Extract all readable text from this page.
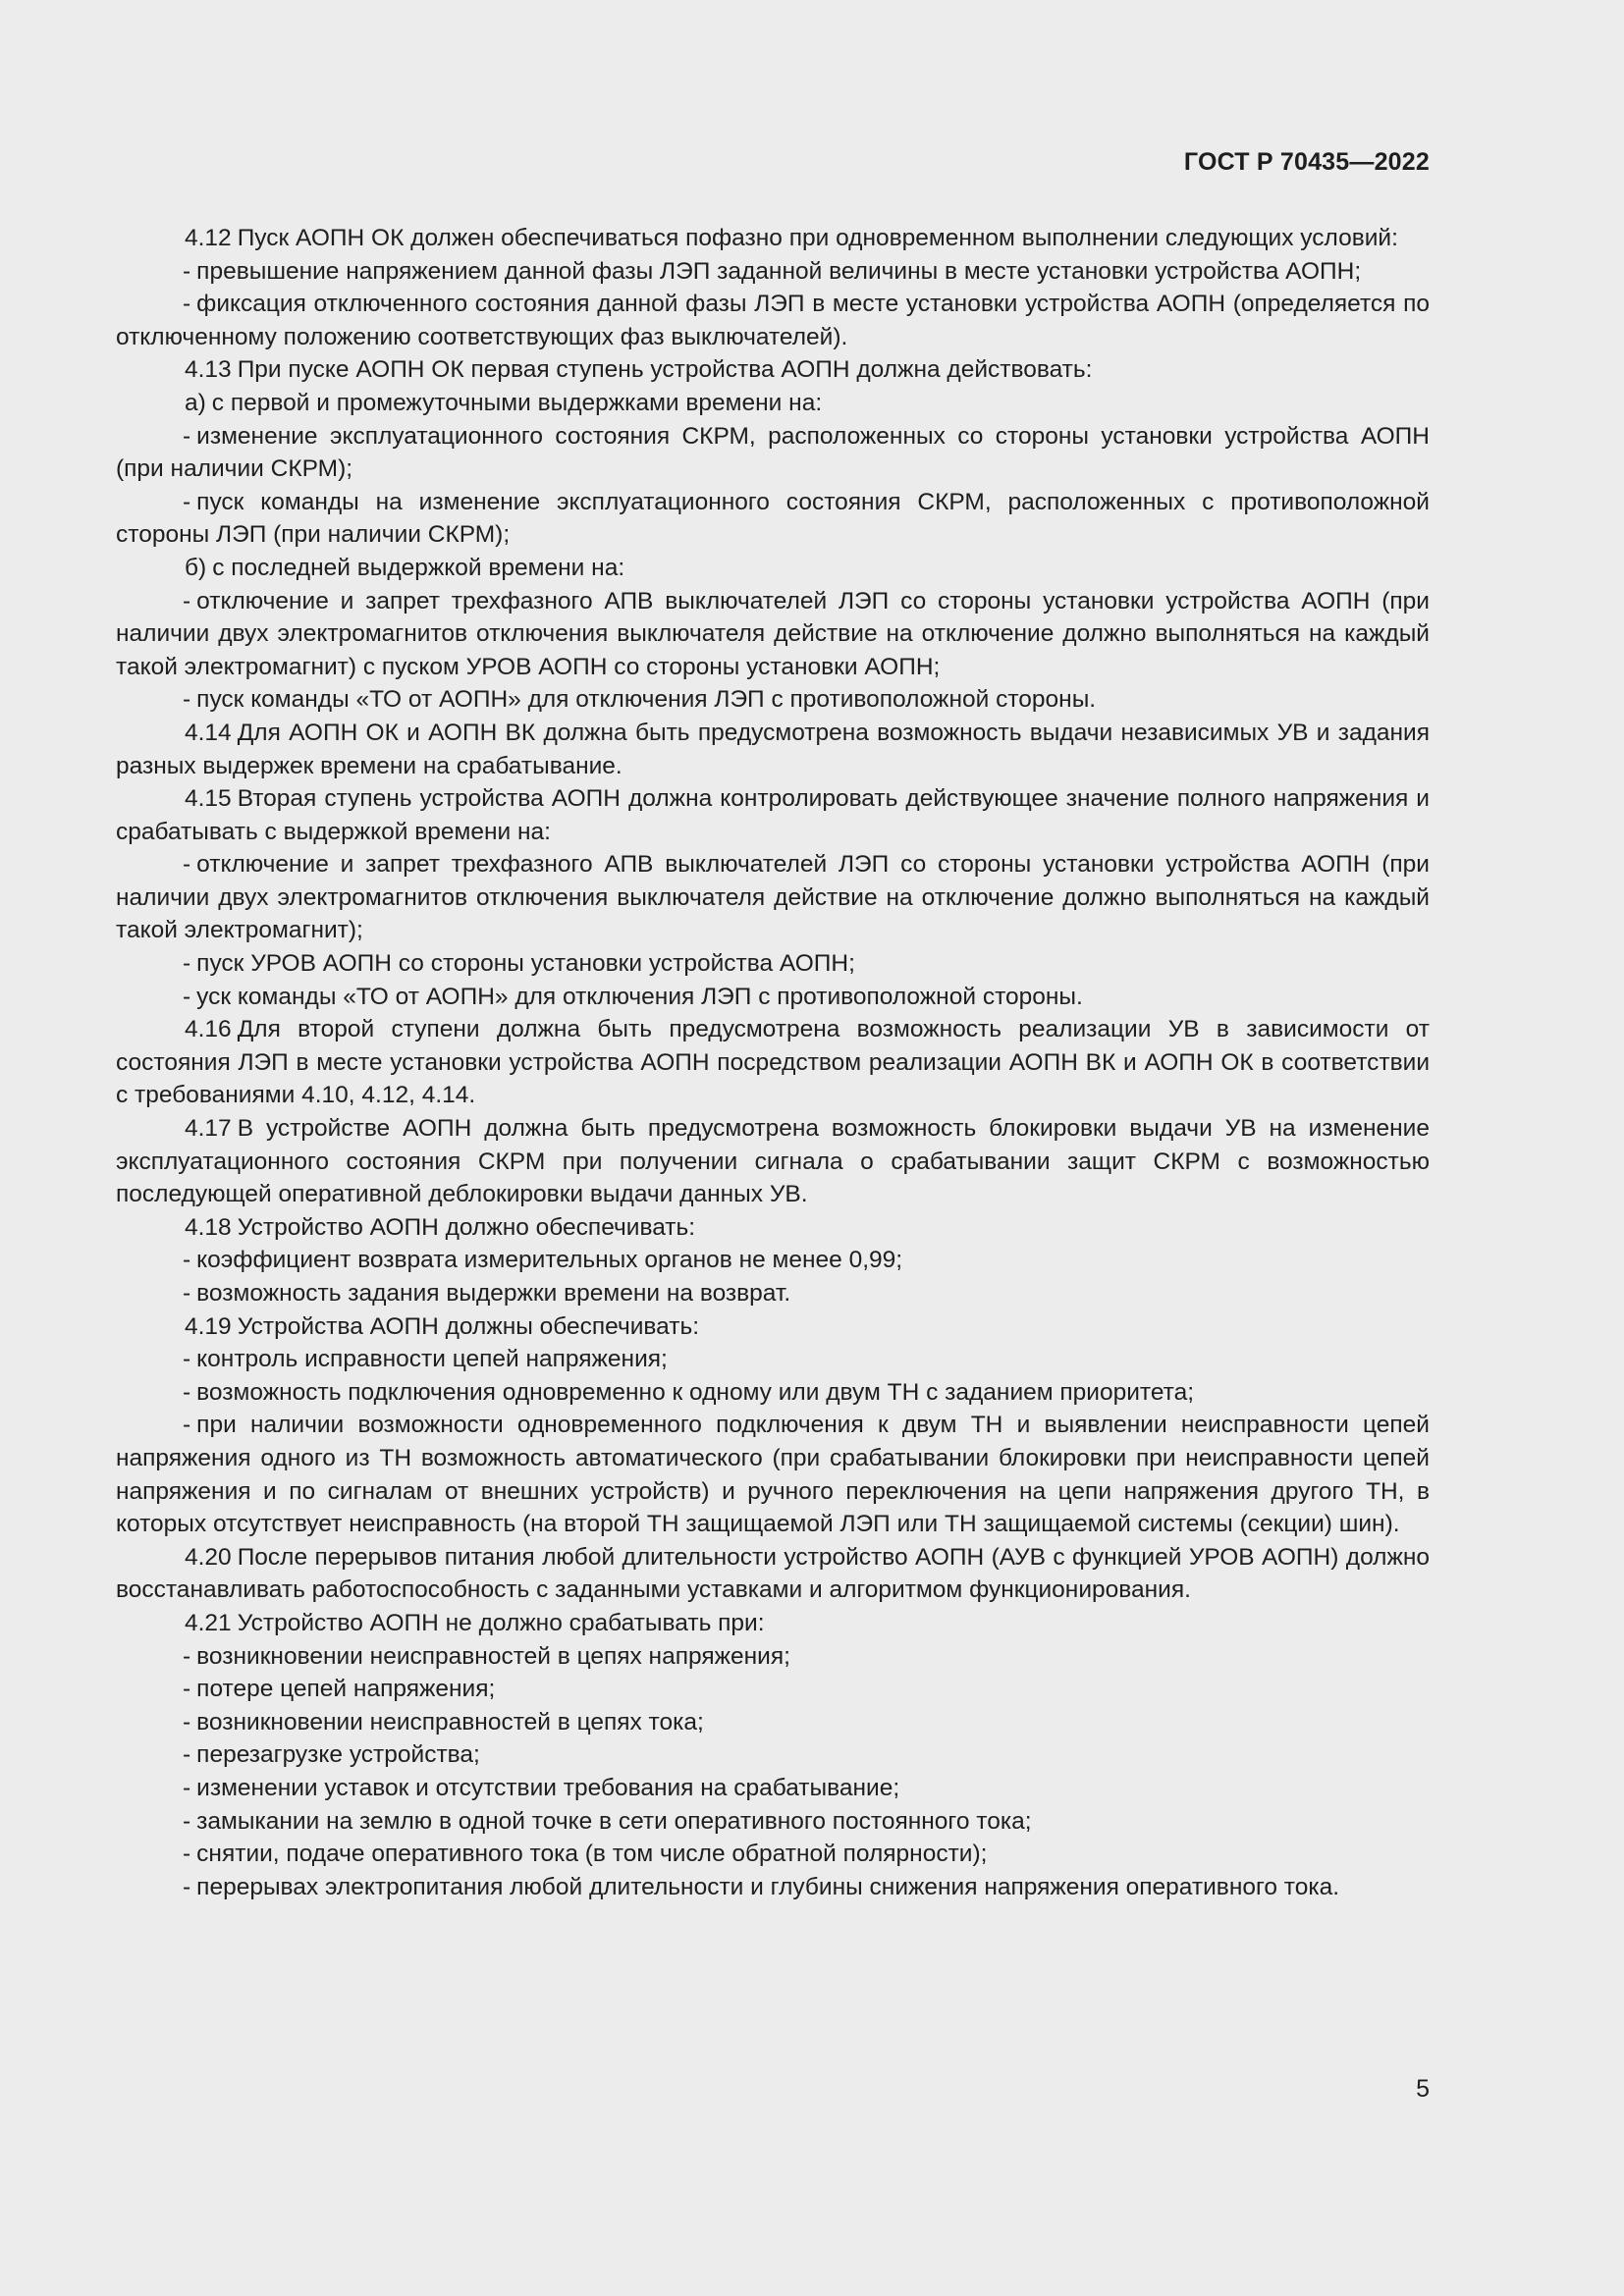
ГОСТ Р 70435—2022

4.12 Пуск АОПН ОК должен обеспечиваться пофазно при одновременном выполнении следующих условий:

- превышение напряжением данной фазы ЛЭП заданной величины в месте установки устройства АОПН;

- фиксация отключенного состояния данной фазы ЛЭП в месте установки устройства АОПН (определяется по отключенному положению соответствующих фаз выключателей).

4.13 При пуске АОПН ОК первая ступень устройства АОПН должна действовать:

а) с первой и промежуточными выдержками времени на:

- изменение эксплуатационного состояния СКРМ, расположенных со стороны установки устройства АОПН (при наличии СКРМ);

- пуск команды на изменение эксплуатационного состояния СКРМ, расположенных с противоположной стороны ЛЭП (при наличии СКРМ);

б) с последней выдержкой времени на:

- отключение и запрет трехфазного АПВ выключателей ЛЭП со стороны установки устройства АОПН (при наличии двух электромагнитов отключения выключателя действие на отключение должно выполняться на каждый такой электромагнит) с пуском УРОВ АОПН со стороны установки АОПН;

- пуск команды «ТО от АОПН» для отключения ЛЭП с противоположной стороны.

4.14 Для АОПН ОК и АОПН ВК должна быть предусмотрена возможность выдачи независимых УВ и задания разных выдержек времени на срабатывание.

4.15 Вторая ступень устройства АОПН должна контролировать действующее значение полного напряжения и срабатывать с выдержкой времени на:

- отключение и запрет трехфазного АПВ выключателей ЛЭП со стороны установки устройства АОПН (при наличии двух электромагнитов отключения выключателя действие на отключение должно выполняться на каждый такой электромагнит);

- пуск УРОВ АОПН со стороны установки устройства АОПН;

- уск команды «ТО от АОПН» для отключения ЛЭП с противоположной стороны.

4.16 Для второй ступени должна быть предусмотрена возможность реализации УВ в зависимости от состояния ЛЭП в месте установки устройства АОПН посредством реализации АОПН ВК и АОПН ОК в соответствии с требованиями 4.10, 4.12, 4.14.

4.17 В устройстве АОПН должна быть предусмотрена возможность блокировки выдачи УВ на изменение эксплуатационного состояния СКРМ при получении сигнала о срабатывании защит СКРМ с возможностью последующей оперативной деблокировки выдачи данных УВ.

4.18 Устройство АОПН должно обеспечивать:

- коэффициент возврата измерительных органов не менее 0,99;

- возможность задания выдержки времени на возврат.

4.19 Устройства АОПН должны обеспечивать:

- контроль исправности цепей напряжения;

- возможность подключения одновременно к одному или двум ТН с заданием приоритета;

- при наличии возможности одновременного подключения к двум ТН и выявлении неисправности цепей напряжения одного из ТН возможность автоматического (при срабатывании блокировки при неисправности цепей напряжения и по сигналам от внешних устройств) и ручного переключения на цепи напряжения другого ТН, в которых отсутствует неисправность (на второй ТН защищаемой ЛЭП или ТН защищаемой системы (секции) шин).

4.20 После перерывов питания любой длительности устройство АОПН (АУВ с функцией УРОВ АОПН) должно восстанавливать работоспособность с заданными уставками и алгоритмом функционирования.

4.21 Устройство АОПН не должно срабатывать при:

- возникновении неисправностей в цепях напряжения;

- потере цепей напряжения;

- возникновении неисправностей в цепях тока;

- перезагрузке устройства;

- изменении уставок и отсутствии требования на срабатывание;

- замыкании на землю в одной точке в сети оперативного постоянного тока;

- снятии, подаче оперативного тока (в том числе обратной полярности);

- перерывах электропитания любой длительности и глубины снижения напряжения оперативного тока.

5
